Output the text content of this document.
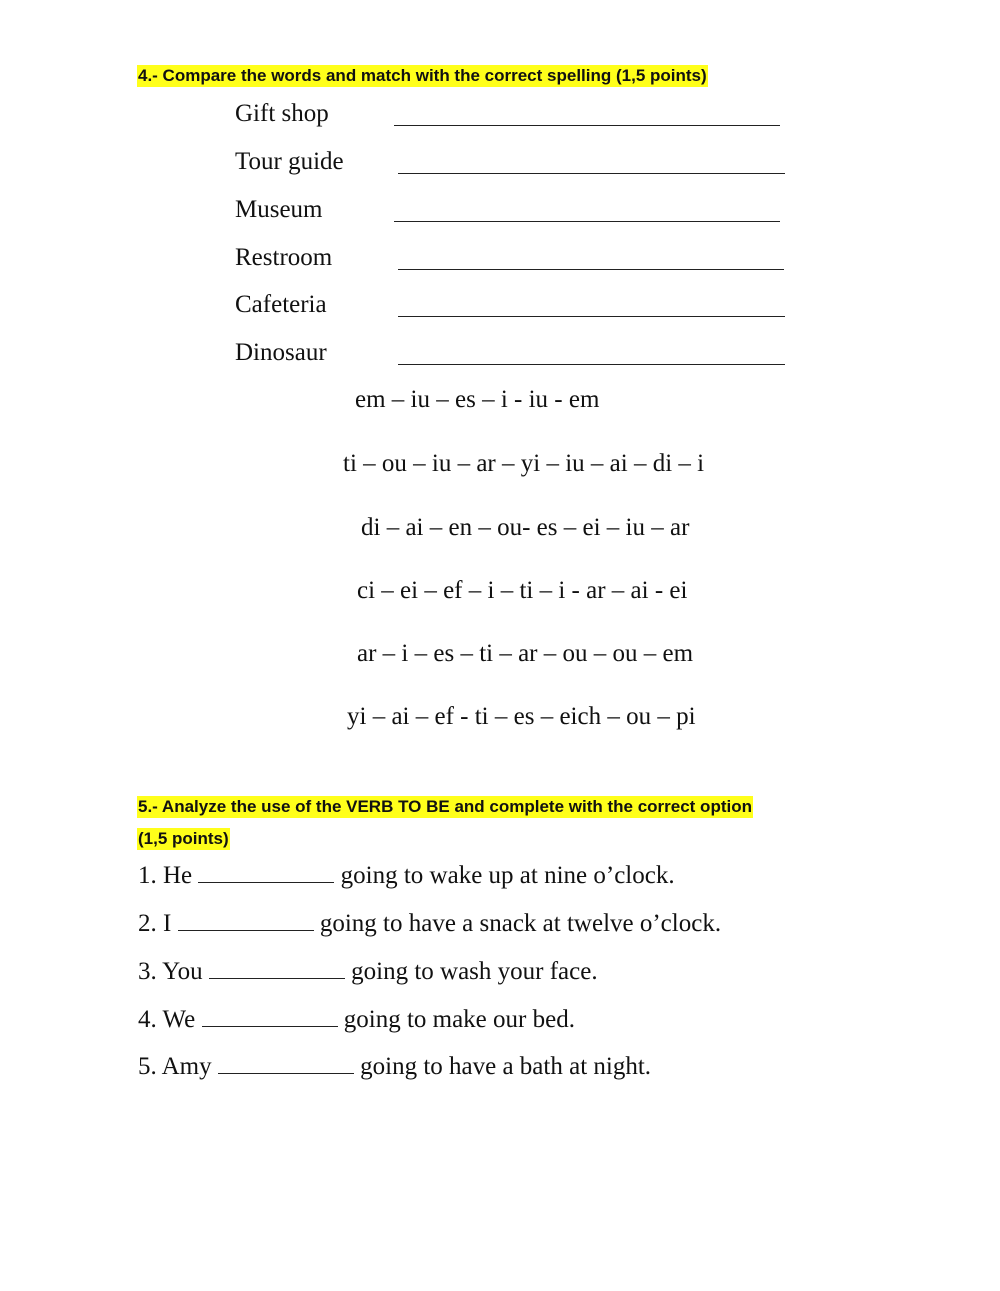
4.- Compare the words and match with the correct spelling (1,5 points)
Gift shop
Tour guide
Museum
Restroom
Cafeteria
Dinosaur
em – iu – es – i - iu - em
ti – ou – iu – ar – yi – iu – ai – di – i
di – ai – en – ou- es – ei – iu – ar
ci – ei – ef – i – ti – i - ar – ai - ei
ar – i – es – ti – ar – ou – ou – em
yi – ai – ef - ti – es – eich – ou – pi
5.- Analyze the use of the VERB TO BE and complete with the correct option
(1,5 points)
1. He	going to wake up at nine o’clock.
2. I	going to have a snack at twelve o’clock.
3. You	going to wash your face.
4. We	going to make our bed.
5. Amy	going to have a bath at night.
